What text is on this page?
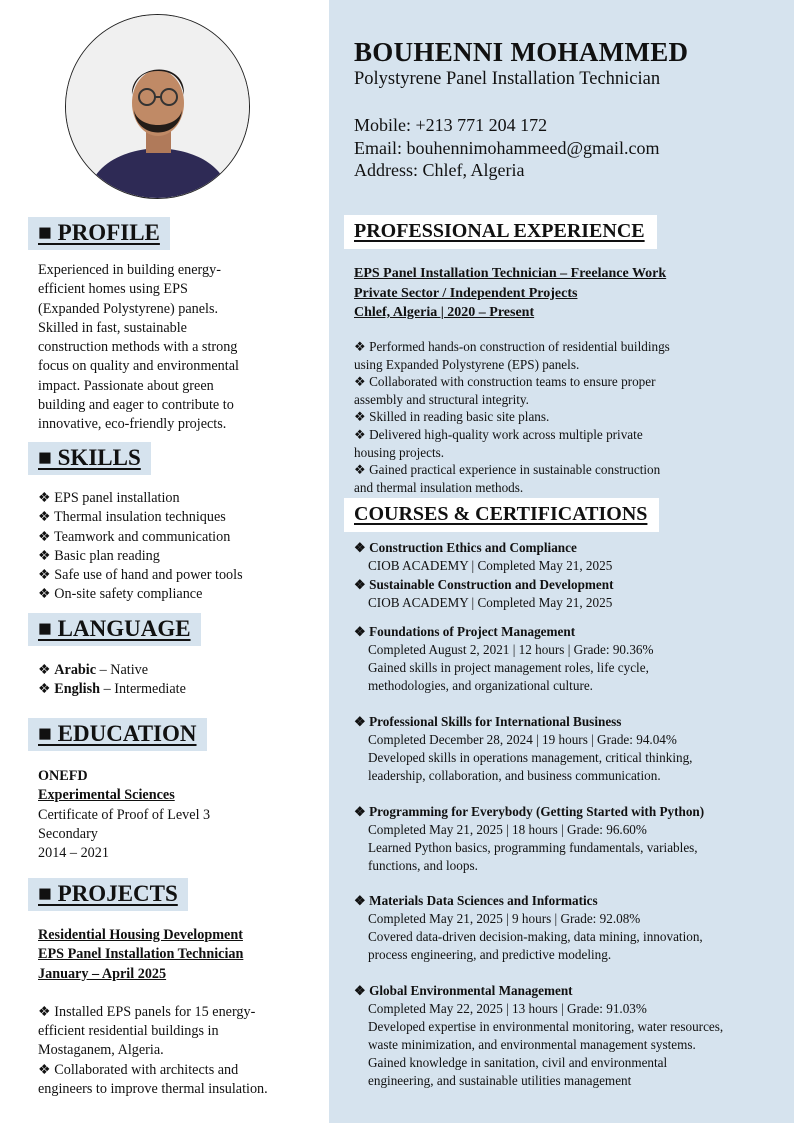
BOUHENNI MOHAMMED
Polystyrene Panel Installation Technician
Mobile: +213 771 204 172
Email: bouhennimohammeed@gmail.com
Address: Chlef, Algeria
■ PROFILE
Experienced in building energy-
efficient homes using EPS
(Expanded Polystyrene) panels.
Skilled in fast, sustainable
construction methods with a strong
focus on quality and environmental
impact. Passionate about green
building and eager to contribute to
innovative, eco-friendly projects.
■ SKILLS
❖ EPS panel installation
❖ Thermal insulation techniques
❖ Teamwork and communication
❖ Basic plan reading
❖ Safe use of hand and power tools
❖ On-site safety compliance
■ LANGUAGE
❖ Arabic – Native
❖ English – Intermediate
■ EDUCATION
ONEFD
Experimental Sciences
Certificate of Proof of Level 3
Secondary
2014 – 2021
■ PROJECTS
Residential Housing Development
EPS Panel Installation Technician
January – April 2025
❖ Installed EPS panels for 15 energy-
efficient residential buildings in
Mostaganem, Algeria.
❖ Collaborated with architects and
engineers to improve thermal insulation.
PROFESSIONAL EXPERIENCE
EPS Panel Installation Technician – Freelance Work
Private Sector / Independent Projects
Chlef, Algeria | 2020 – Present
❖ Performed hands-on construction of residential buildings
using Expanded Polystyrene (EPS) panels.
❖ Collaborated with construction teams to ensure proper
assembly and structural integrity.
❖ Skilled in reading basic site plans.
❖ Delivered high-quality work across multiple private
housing projects.
❖ Gained practical experience in sustainable construction
and thermal insulation methods.
COURSES & CERTIFICATIONS
❖ Construction Ethics and Compliance
CIOB ACADEMY | Completed May 21, 2025
❖ Sustainable Construction and Development
CIOB ACADEMY | Completed May 21, 2025
❖ Foundations of Project Management
Completed August 2, 2021 | 12 hours | Grade: 90.36%
Gained skills in project management roles, life cycle,
methodologies, and organizational culture.
❖ Professional Skills for International Business
Completed December 28, 2024 | 19 hours | Grade: 94.04%
Developed skills in operations management, critical thinking,
leadership, collaboration, and business communication.
❖ Programming for Everybody (Getting Started with Python)
Completed May 21, 2025 | 18 hours | Grade: 96.60%
Learned Python basics, programming fundamentals, variables,
functions, and loops.
❖ Materials Data Sciences and Informatics
Completed May 21, 2025 | 9 hours | Grade: 92.08%
Covered data-driven decision-making, data mining, innovation,
process engineering, and predictive modeling.
❖ Global Environmental Management
Completed May 22, 2025 | 13 hours | Grade: 91.03%
Developed expertise in environmental monitoring, water resources,
waste minimization, and environmental management systems.
Gained knowledge in sanitation, civil and environmental
engineering, and sustainable utilities management
